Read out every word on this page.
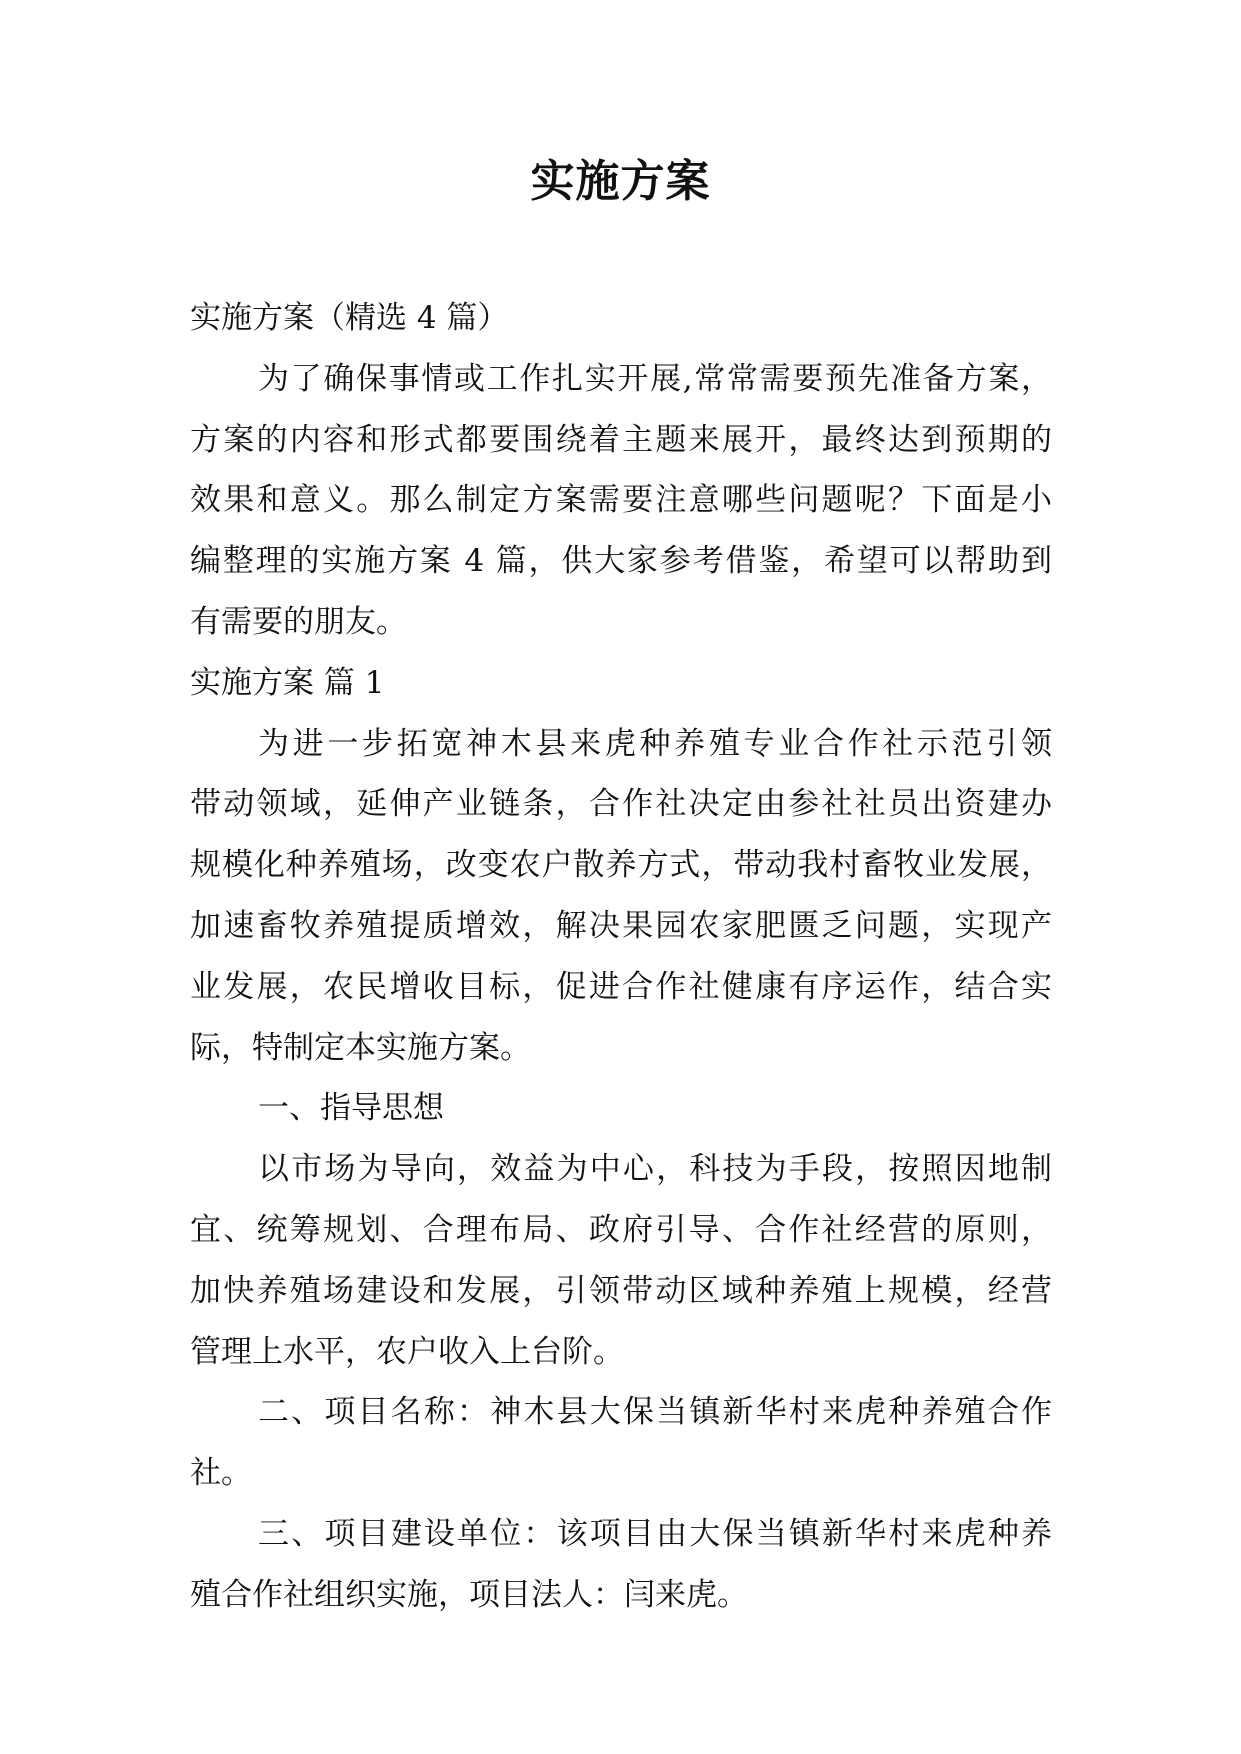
实施方案

实施方案（精选 4 篇）

为了确保事情或工作扎实开展,常常需要预先准备方案，

方案的内容和形式都要围绕着主题来展开，最终达到预期的

效果和意义。那么制定方案需要注意哪些问题呢？下面是小

编整理的实施方案 4 篇，供大家参考借鉴，希望可以帮助到

有需要的朋友。

实施方案 篇 1

为进一步拓宽神木县来虎种养殖专业合作社示范引领

带动领域，延伸产业链条，合作社决定由参社社员出资建办

规模化种养殖场，改变农户散养方式，带动我村畜牧业发展，

加速畜牧养殖提质增效，解决果园农家肥匮乏问题，实现产

业发展，农民增收目标，促进合作社健康有序运作，结合实

际，特制定本实施方案。

一、指导思想

以市场为导向，效益为中心，科技为手段，按照因地制

宜、统筹规划、合理布局、政府引导、合作社经营的原则，

加快养殖场建设和发展，引领带动区域种养殖上规模，经营

管理上水平，农户收入上台阶。

二、项目名称：神木县大保当镇新华村来虎种养殖合作

社。

三、项目建设单位：该项目由大保当镇新华村来虎种养

殖合作社组织实施，项目法人：闫来虎。
